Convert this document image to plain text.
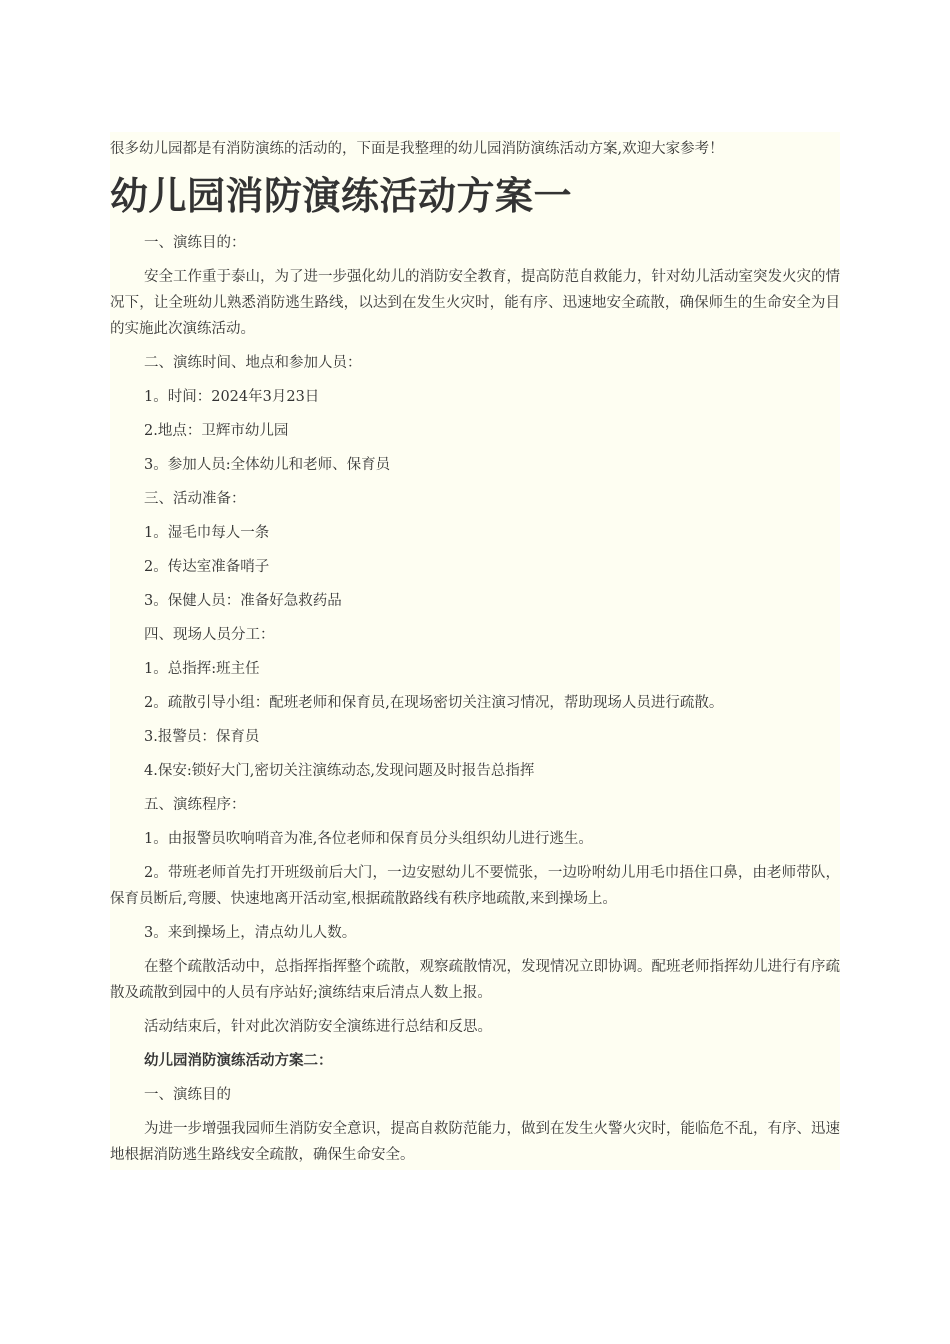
很多幼儿园都是有消防演练的活动的，下面是我整理的幼儿园消防演练活动方案,欢迎大家参考！

幼儿园消防演练活动方案一

一、演练目的：

安全工作重于泰山，为了进一步强化幼儿的消防安全教育，提高防范自救能力，针对幼儿活动室突发火灾的情况下，让全班幼儿熟悉消防逃生路线，以达到在发生火灾时，能有序、迅速地安全疏散，确保师生的生命安全为目的实施此次演练活动。

二、演练时间、地点和参加人员：

1。时间：2024年3月23日

2.地点：卫辉市幼儿园

3。参加人员:全体幼儿和老师、保育员

三、活动准备：

1。湿毛巾每人一条

2。传达室准备哨子

3。保健人员：准备好急救药品

四、现场人员分工：

1。总指挥:班主任

2。疏散引导小组：配班老师和保育员,在现场密切关注演习情况，帮助现场人员进行疏散。

3.报警员：保育员

4.保安:锁好大门,密切关注演练动态,发现问题及时报告总指挥

五、演练程序：

1。由报警员吹响哨音为准,各位老师和保育员分头组织幼儿进行逃生。

2。带班老师首先打开班级前后大门，一边安慰幼儿不要慌张，一边吩咐幼儿用毛巾捂住口鼻，由老师带队，保育员断后,弯腰、快速地离开活动室,根据疏散路线有秩序地疏散,来到操场上。

3。来到操场上，清点幼儿人数。

在整个疏散活动中，总指挥指挥整个疏散，观察疏散情况，发现情况立即协调。配班老师指挥幼儿进行有序疏散及疏散到园中的人员有序站好;演练结束后清点人数上报。

活动结束后，针对此次消防安全演练进行总结和反思。

幼儿园消防演练活动方案二：

一、演练目的

为进一步增强我园师生消防安全意识，提高自救防范能力，做到在发生火警火灾时，能临危不乱，有序、迅速地根据消防逃生路线安全疏散，确保生命安全。
